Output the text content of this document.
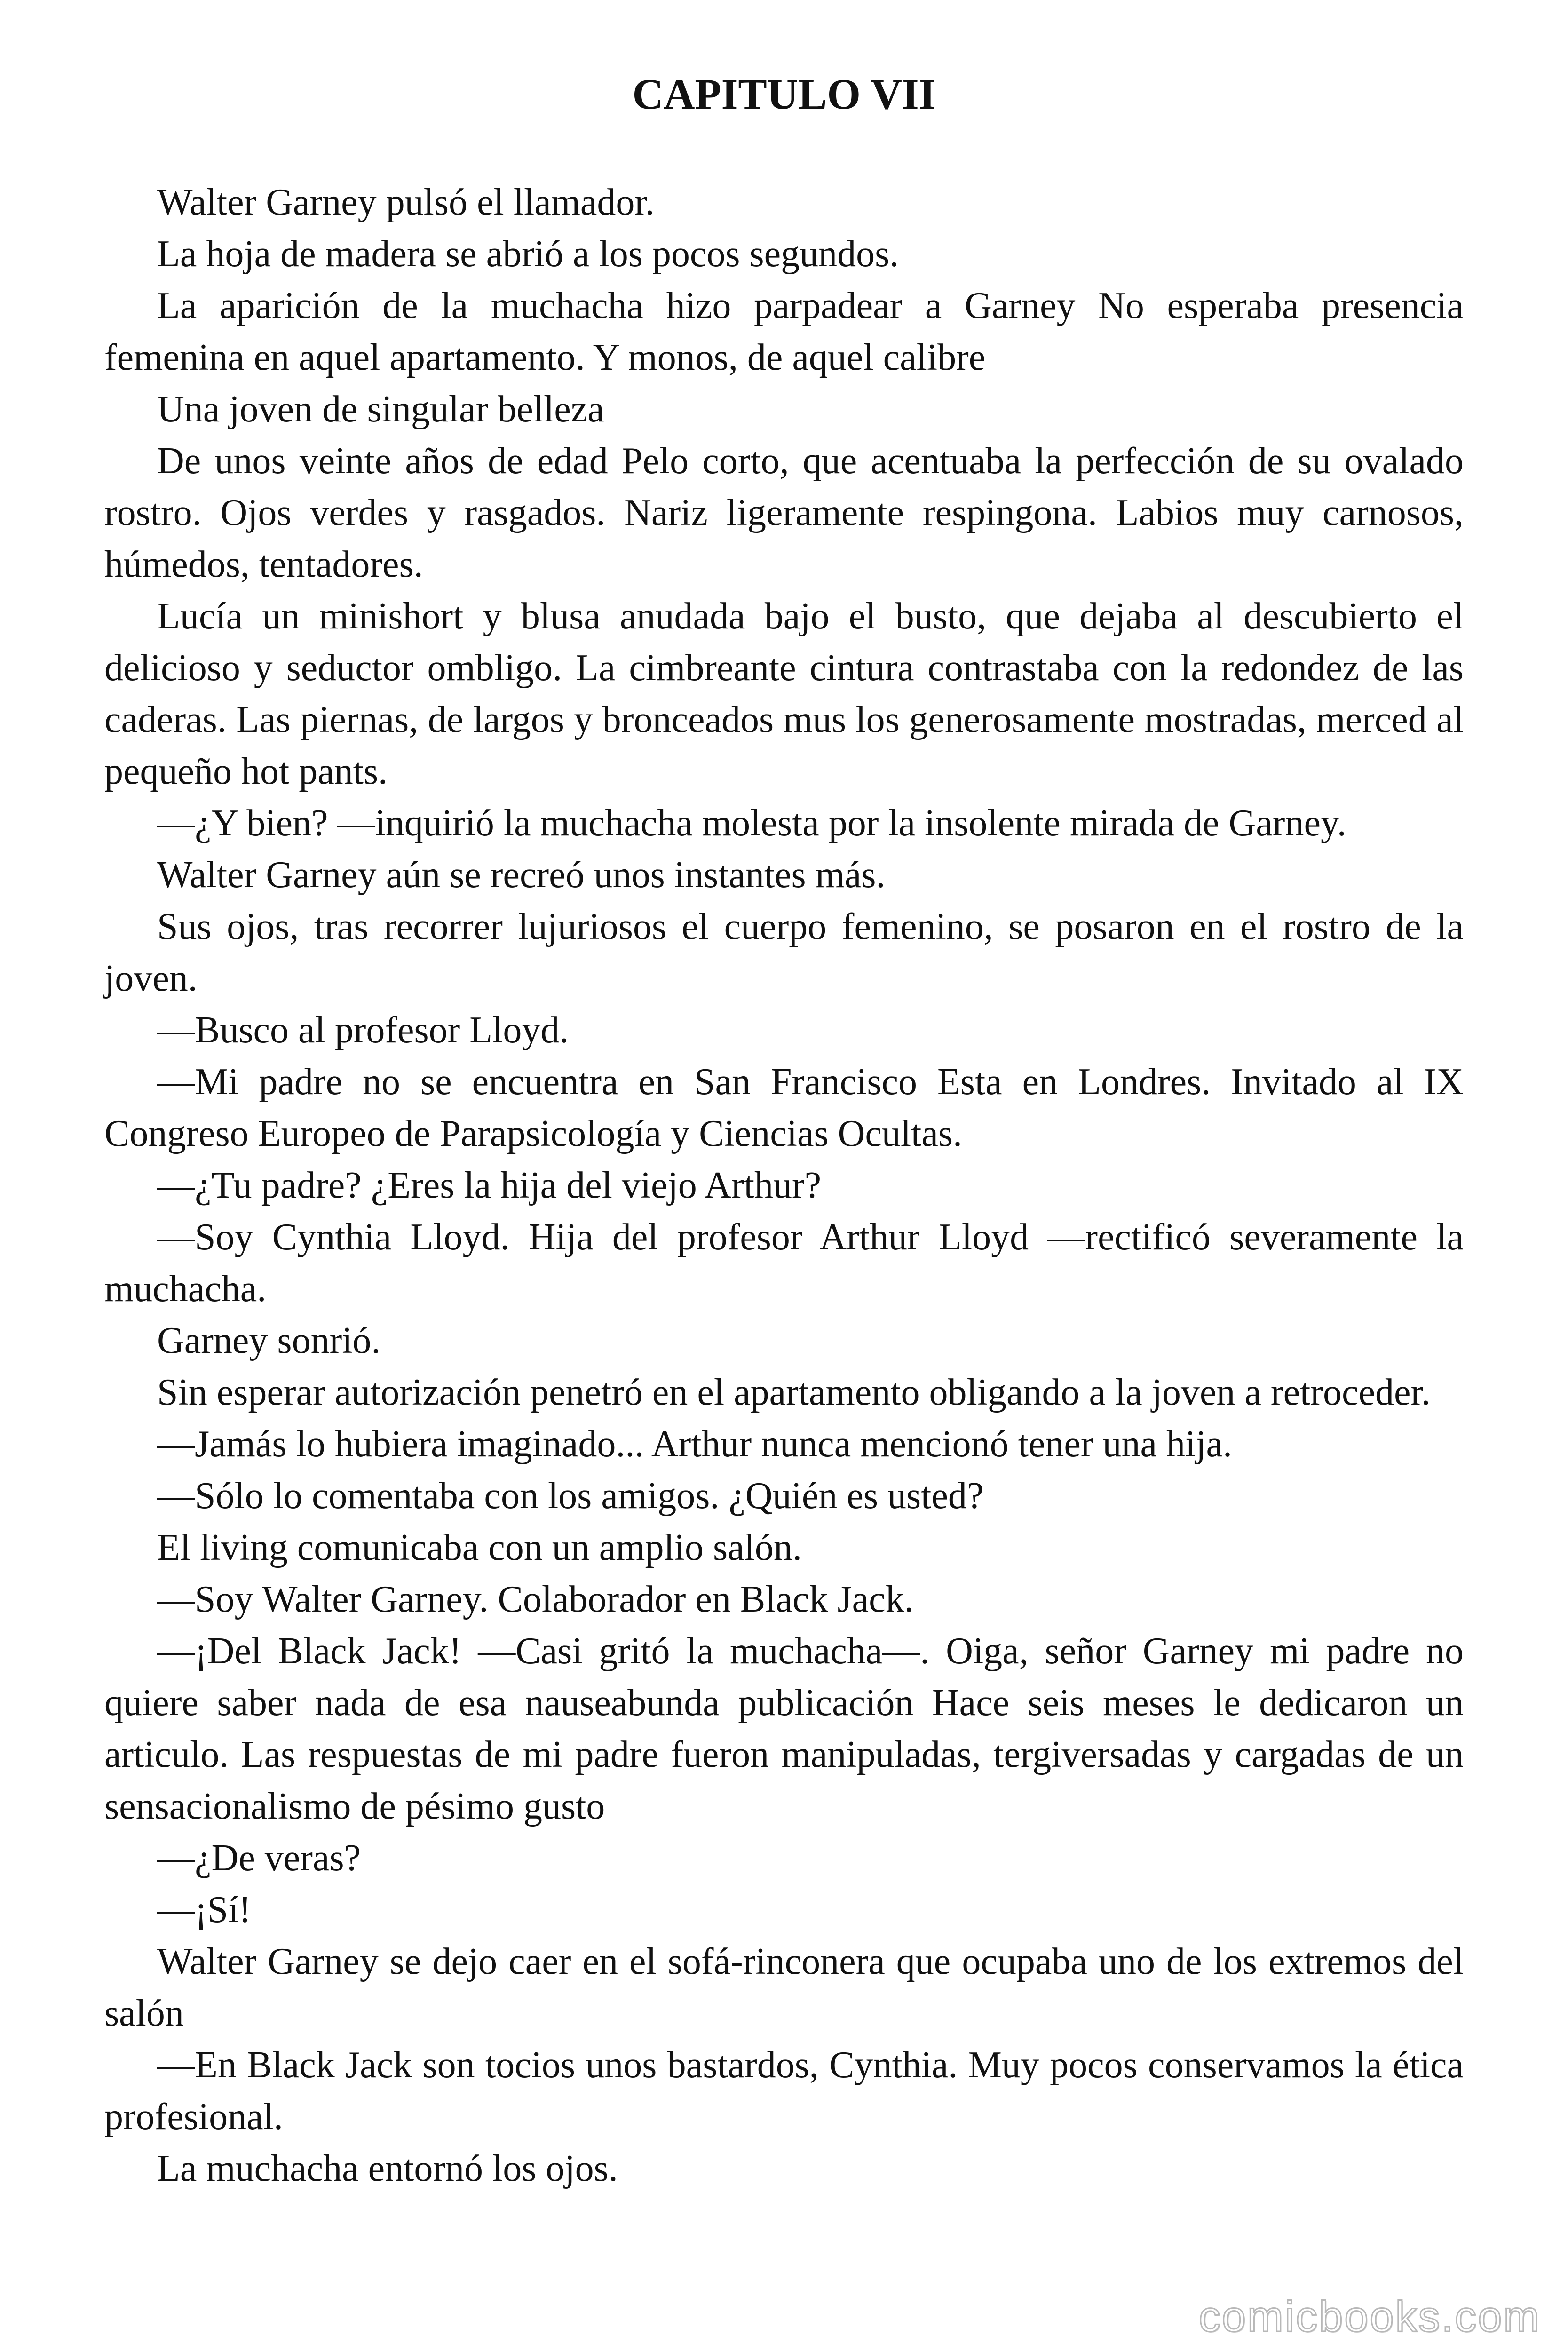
CAPITULO VII

Walter Garney pulsó el llamador.

La hoja de madera se abrió a los pocos segundos.

La aparición de la muchacha hizo parpadear a Garney No esperaba presencia femenina en aquel apartamento. Y monos, de aquel calibre

Una joven de singular belleza

De unos veinte años de edad Pelo corto, que acentuaba la perfección de su ovalado rostro. Ojos verdes y rasgados. Nariz ligeramente respingona. Labios muy carnosos, húmedos, tentadores.

Lucía un minishort y blusa anudada bajo el busto, que dejaba al descubierto el delicioso y seductor ombligo. La cimbreante cintura contrastaba con la redondez de las caderas. Las piernas, de largos y bronceados mus los generosamente mostradas, merced al pequeño hot pants.

—¿Y bien? —inquirió la muchacha molesta por la insolente mirada de Garney.

Walter Garney aún se recreó unos instantes más.

Sus ojos, tras recorrer lujuriosos el cuerpo femenino, se posaron en el rostro de la joven.

—Busco al profesor Lloyd.

—Mi padre no se encuentra en San Francisco Esta en Londres. Invitado al IX Congreso Europeo de Parapsicología y Ciencias Ocultas.

—¿Tu padre? ¿Eres la hija del viejo Arthur?

—Soy Cynthia Lloyd. Hija del profesor Arthur Lloyd —rectificó severamente la muchacha.

Garney sonrió.

Sin esperar autorización penetró en el apartamento obligando a la joven a retroceder.

—Jamás lo hubiera imaginado... Arthur nunca mencionó tener una hija.

—Sólo lo comentaba con los amigos. ¿Quién es usted?

El living comunicaba con un amplio salón.

—Soy Walter Garney. Colaborador en Black Jack.

—¡Del Black Jack! —Casi gritó la muchacha—. Oiga, señor Garney mi padre no quiere saber nada de esa nauseabunda publicación Hace seis meses le dedicaron un articulo. Las respuestas de mi padre fueron manipuladas, tergiversadas y cargadas de un sensacionalismo de pésimo gusto

—¿De veras?

—¡Sí!

Walter Garney se dejo caer en el sofá-rinconera que ocupaba uno de los extremos del salón

—En Black Jack son tocios unos bastardos, Cynthia. Muy pocos conservamos la ética profesional.

La muchacha entornó los ojos.

comicbooks.com
